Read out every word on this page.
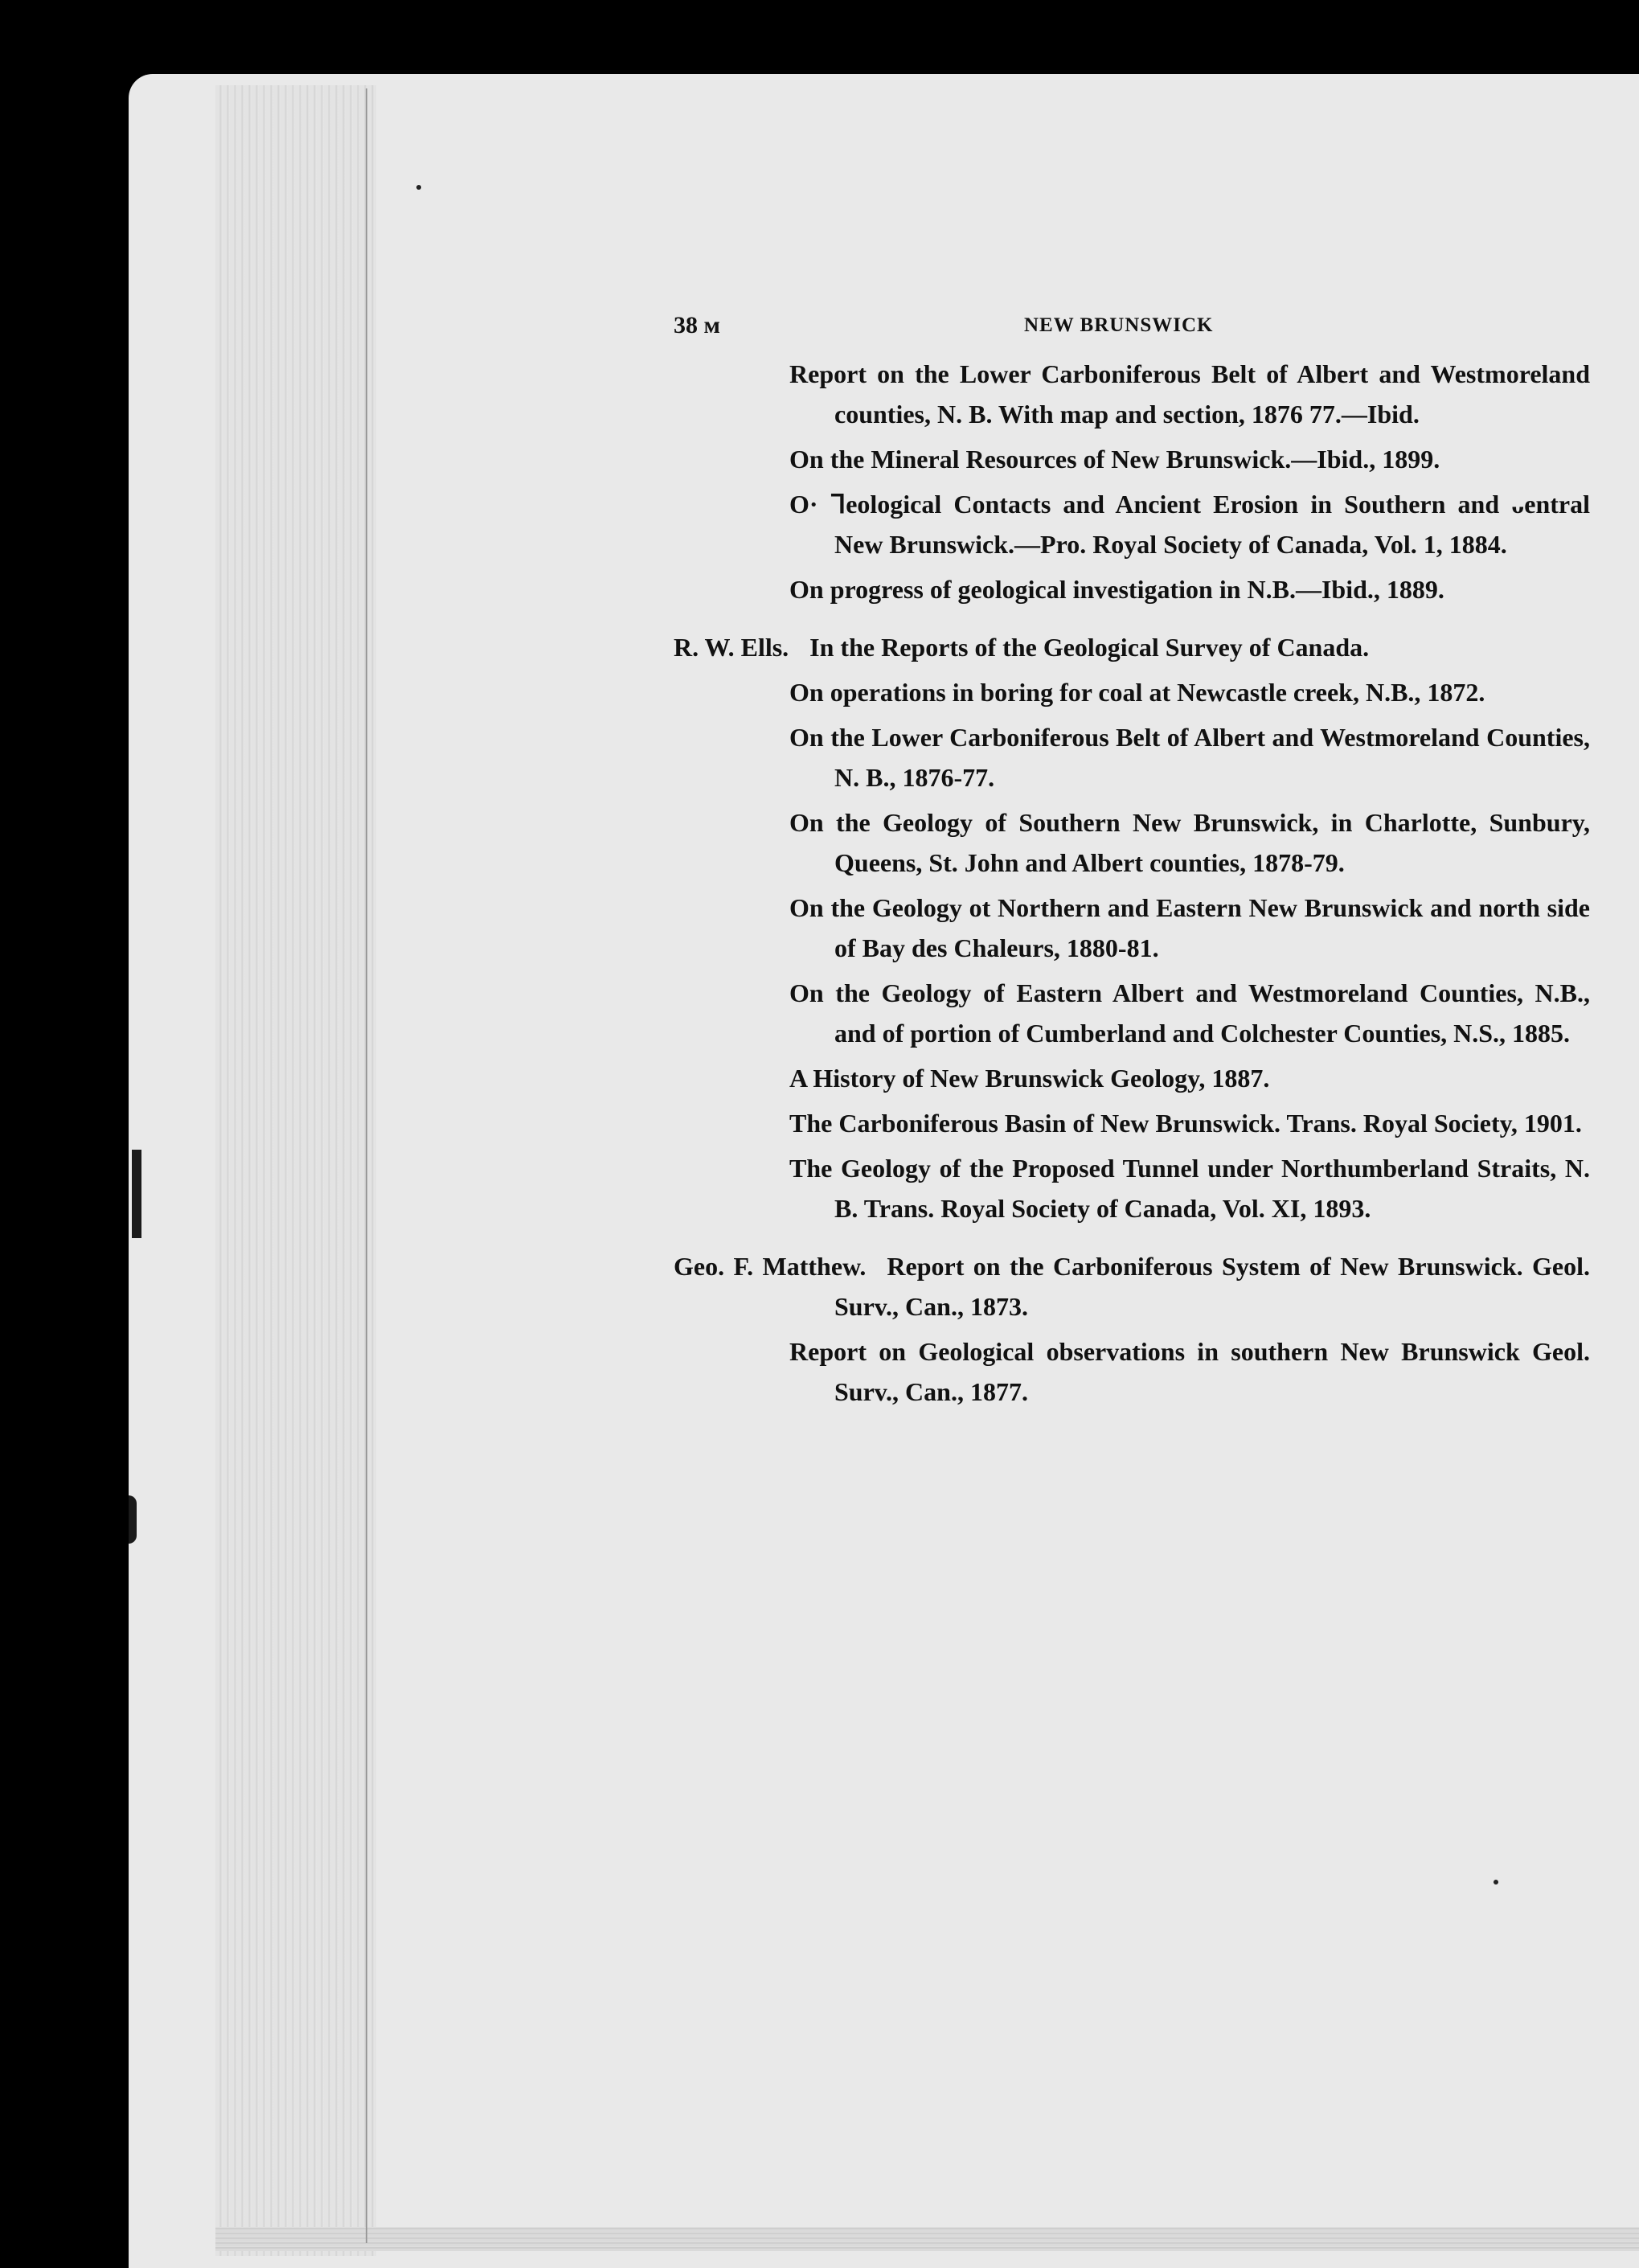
38 м	NEW BRUNSWICK

Report on the Lower Carboniferous Belt of Albert and Westmoreland counties, N. B. With map and section, 1876 77.—Ibid.

On the Mineral Resources of New Brunswick.—Ibid., 1899.

O· ᒣeological Contacts and Ancient Erosion in Southern and ᴗentral New Brunswick.—Pro. Royal Society of Canada, Vol. 1, 1884.

On progress of geological investigation in N.B.—Ibid., 1889.

R. W. Ells. In the Reports of the Geological Survey of Canada.

On operations in boring for coal at Newcastle creek, N.B., 1872.

On the Lower Carboniferous Belt of Albert and Westmoreland Counties, N. B., 1876-77.

On the Geology of Southern New Brunswick, in Charlotte, Sunbury, Queens, St. John and Albert counties, 1878-79.

On the Geology ot Northern and Eastern New Brunswick and north side of Bay des Chaleurs, 1880-81.

On the Geology of Eastern Albert and Westmoreland Counties, N.B., and of portion of Cumberland and Colchester Counties, N.S., 1885.

A History of New Brunswick Geology, 1887.

The Carboniferous Basin of New Brunswick. Trans. Royal Society, 1901.

The Geology of the Proposed Tunnel under Northumberland Straits, N. B. Trans. Royal Society of Canada, Vol. XI, 1893.

Geo. F. Matthew. Report on the Carboniferous System of New Brunswick. Geol. Surv., Can., 1873.

Report on Geological observations in southern New Brunswick Geol. Surv., Can., 1877.
